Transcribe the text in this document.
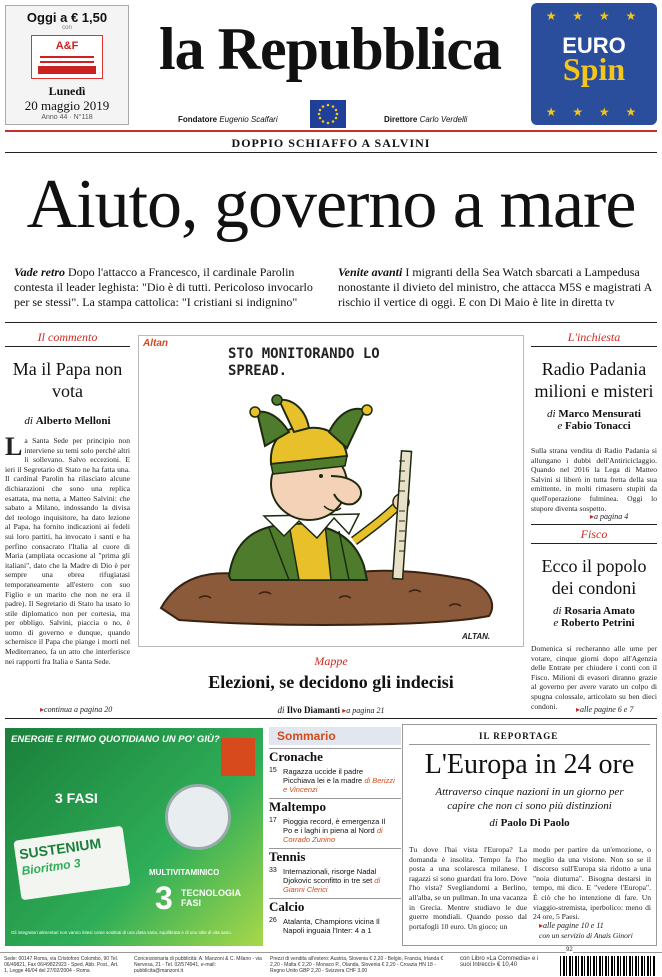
Oggi a € 1,50
con
A&F
Lunedì
20 maggio 2019
Anno 44 · N°118
la Repubblica
Fondatore Eugenio Scalfari	Direttore Carlo Verdelli
★ ★ ★ ★
EURO
Spin
★ ★ ★ ★
DOPPIO SCHIAFFO A SALVINI
Aiuto, governo a mare
Vade retro Dopo l'attacco a Francesco, il cardinale Parolin contesta il leader leghista: "Dio è di tutti. Pericoloso invocarlo per se stessi". La stampa cattolica: "I cristiani si indignino"
Venite avanti I migranti della Sea Watch sbarcati a Lampedusa nonostante il divieto del ministro, che attacca M5S e magistrati A rischio il vertice di oggi. E con Di Maio è lite in diretta tv
Il commento
Ma il Papa non vota
di Alberto Melloni
La Santa Sede per principio non interviene su temi solo perché altri li sollevano. Salvo eccezioni. E ieri il Segretario di Stato ne ha fatta una. Il cardinal Parolin ha rilasciato alcune dichiarazioni che sono una replica esattata, ma netta, a Matteo Salvini: che sabato a Milano, indossando la divisa del teologo inquisitore, ha dato lezione al Papa, ha fornito indicazioni ai fedeli sui loro partiti, ha invocato i santi e ha perfino consacrato l'Italia al cuore di Maria (ampliata occasione al "prima gli italiani", dato che la Madre di Dio è per sempre una ebrea rifugiatasi temporaneamente all'estero con suo Figlio e un marito che non ne era il padre). Il Segretario di Stato ha usato lo stile diplomatico non per cortesia, ma per obbligo. Salvini, piaccia o no, è uomo di governo e dunque, quando schernisce il Papa che piange i morti nel Mediterraneo, fa un atto che interferisce nei rapporti fra Italia e Santa Sede.
▸ continua a pagina 20
Altan
STO MONITORANDO LO SPREAD.
ALTAN.
Mappe
Elezioni, se decidono gli indecisi
di Ilvo Diamanti ▸ a pagina 21
L'inchiesta
Radio Padania milioni e misteri
di Marco Mensurati
e Fabio Tonacci
Sulla strana vendita di Radio Padania si allungano i dubbi dell'Antiriciclaggio. Quando nel 2016 la Lega di Matteo Salvini si liberò in tutta fretta della sua emittente, in molti rimasero stupiti da quell'operazione fulminea. Oggi lo stupore diventa sospetto.
▸ a pagina 4
Fisco
Ecco il popolo dei condoni
di Rosaria Amato
e Roberto Petrini
Domenica si recheranno alle urne per votare, cinque giorni dopo all'Agenzia delle Entrate per chiudere i conti con il Fisco. Milioni di evasori diranno grazie al governo per avere varato un colpo di spugna colossale, articolato su ben dieci condoni.	▸ alle pagine 6 e 7
ENERGIE E RITMO QUOTIDIANO UN PO' GIÙ?
SUSTENIUM
Bioritmo 3
3 FASI
MULTIVITAMINICO
3 TECNOLOGIA FASI
Gli integratori alimentari non vanno intesi come sostituti di una dieta varia, equilibrata e di uno stile di vita sano.
Sommario
Cronache
15 Ragazza uccide il padre Picchiava lei e la madre di Berizzi e Vincenzi
Maltempo
17 Pioggia record, è emergenza Il Po e i laghi in piena al Nord di Corrado Zunino
Tennis
33 Internazionali, risorge Nadal Djokovic sconfitto in tre set di Gianni Clerici
Calcio
26 Atalanta, Champions vicina Il Napoli inguaia l'Inter: 4 a 1
IL REPORTAGE
L'Europa in 24 ore
Attraverso cinque nazioni in un giorno per capire che non ci sono più distinzioni
di Paolo Di Paolo
Tu dove l'hai vista l'Europa? La domanda è insolita. Tempo fa l'ho posta a una scolaresca milanese. I ragazzi si sono guardati fra loro. Dove l'ho vista? Svegliandomi a Berlino, all'alba, se un pullman. In una vacanza in Grecia. Mentre studiavo le due guerre mondiali. Quando posso dal portafogli 10 euro. Un gioco; un
modo per partire da un'emozione, o meglio da una visione. Non so se il discorso sull'Europa sia ridotto a una "noia diuturna". Bisogna destarsi in tempo, mi dico. E "vedere l'Europa". È ciò che ho intenzione di fare. Un viaggio-stremista, iperbolico: meno di 24 ore, 5 Paesi.
▸ alle pagine 10 e 11
con un servizio di Anais Ginori
Sede: 00147 Roma, via Cristoforo Colombo, 90 Tel. 06/49821, Fax 06/49822923 - Sped. Abb. Post., Art. 1, Legge 46/04 del 27/02/2004 - Roma
Concessionaria di pubblicità: A. Manzoni & C. Milano - via Nervesa, 21 - Tel. 02/574941, e-mail: pubblicita@manzoni.it
Prezzi di vendita all'estero: Austria, Slovenia € 2,20 - Belgio, Francia, Irlanda € 2,20 - Malta € 2,20 - Monaco P., Olanda, Slovenia € 2,20 - Croazia HN 18 - Regno Unito GBP 2,20 - Svizzera CHF 3,00
con Libro «La Commedia» e i suoi Intrecci» € 10,40
92
